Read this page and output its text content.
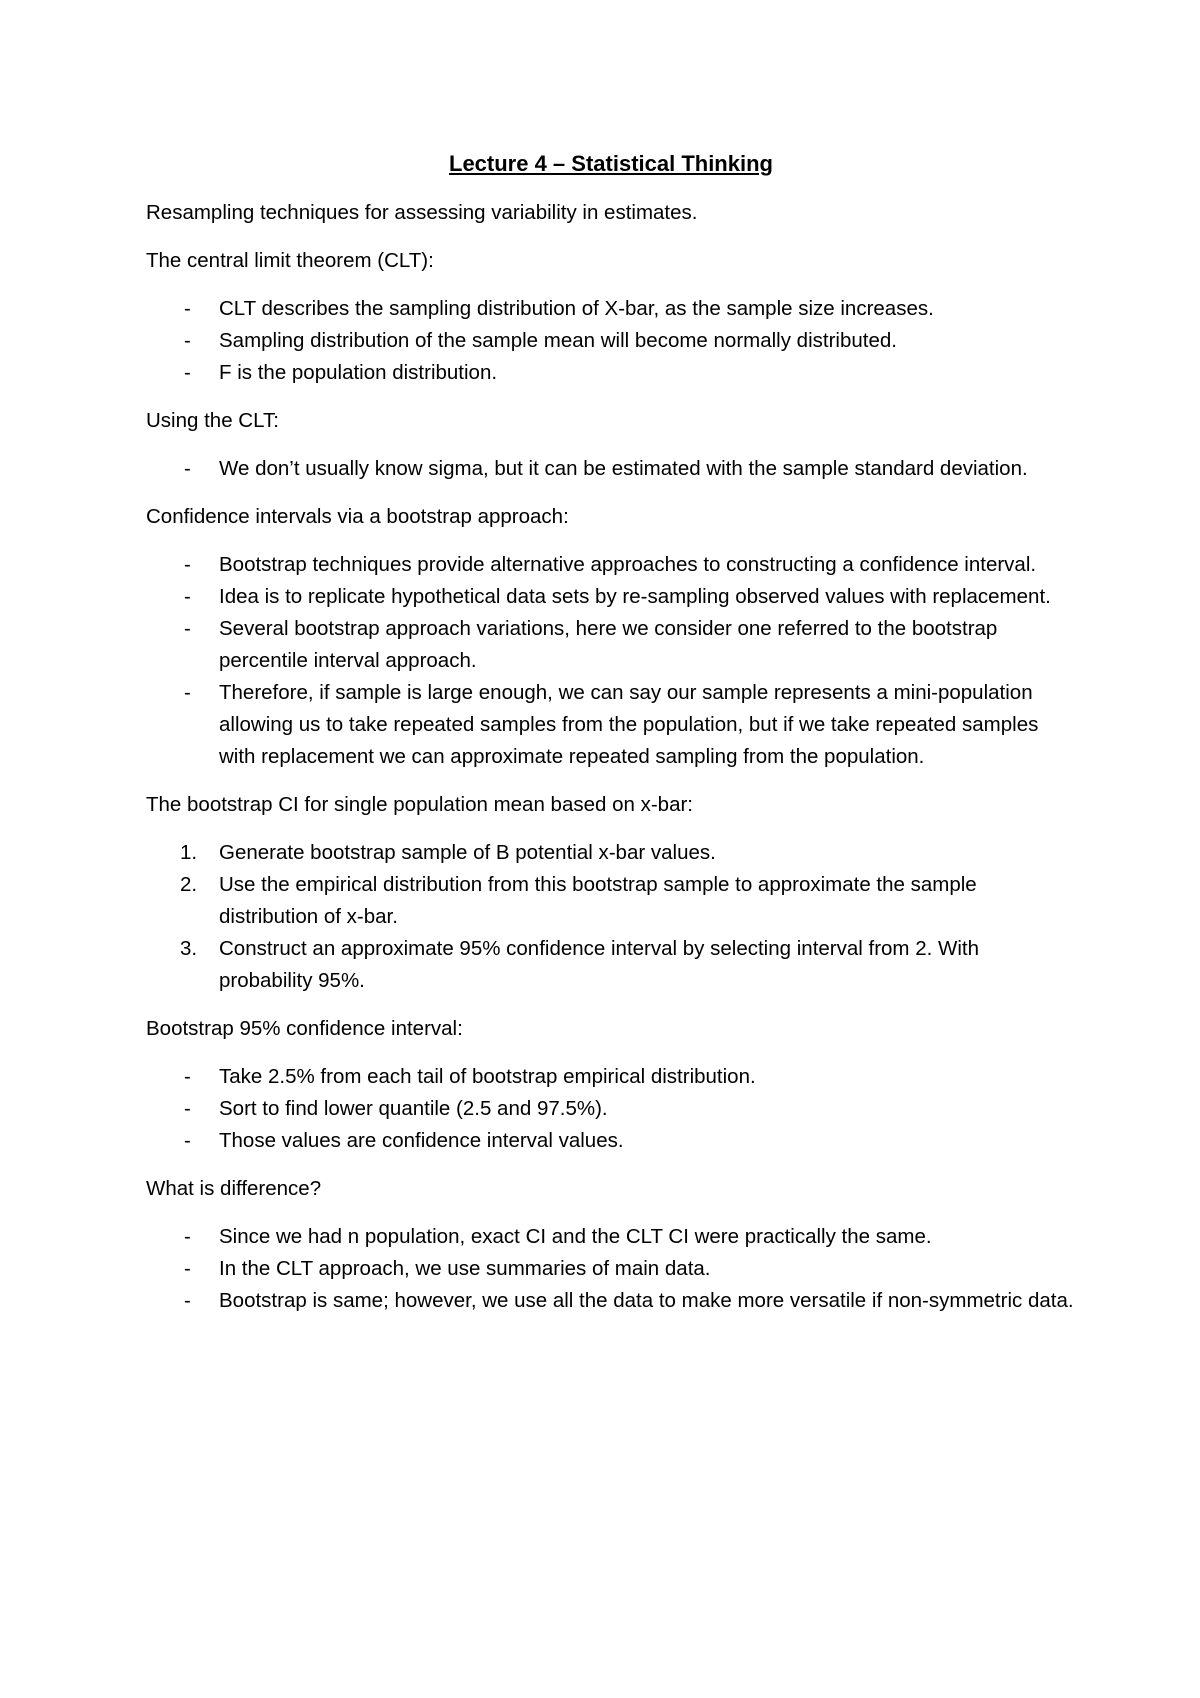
Lecture 4 – Statistical Thinking

Resampling techniques for assessing variability in estimates.

The central limit theorem (CLT):

- CLT describes the sampling distribution of X-bar, as the sample size increases.
- Sampling distribution of the sample mean will become normally distributed.
- F is the population distribution.

Using the CLT:

- We don’t usually know sigma, but it can be estimated with the sample standard deviation.

Confidence intervals via a bootstrap approach:

- Bootstrap techniques provide alternative approaches to constructing a confidence interval.
- Idea is to replicate hypothetical data sets by re-sampling observed values with replacement.
- Several bootstrap approach variations, here we consider one referred to the bootstrap percentile interval approach.
- Therefore, if sample is large enough, we can say our sample represents a mini-population allowing us to take repeated samples from the population, but if we take repeated samples with replacement we can approximate repeated sampling from the population.

The bootstrap CI for single population mean based on x-bar:

1. Generate bootstrap sample of B potential x-bar values.
2. Use the empirical distribution from this bootstrap sample to approximate the sample distribution of x-bar.
3. Construct an approximate 95% confidence interval by selecting interval from 2. With probability 95%.

Bootstrap 95% confidence interval:

- Take 2.5% from each tail of bootstrap empirical distribution.
- Sort to find lower quantile (2.5 and 97.5%).
- Those values are confidence interval values.

What is difference?

- Since we had n population, exact CI and the CLT CI were practically the same.
- In the CLT approach, we use summaries of main data.
- Bootstrap is same; however, we use all the data to make more versatile if non-symmetric data.
